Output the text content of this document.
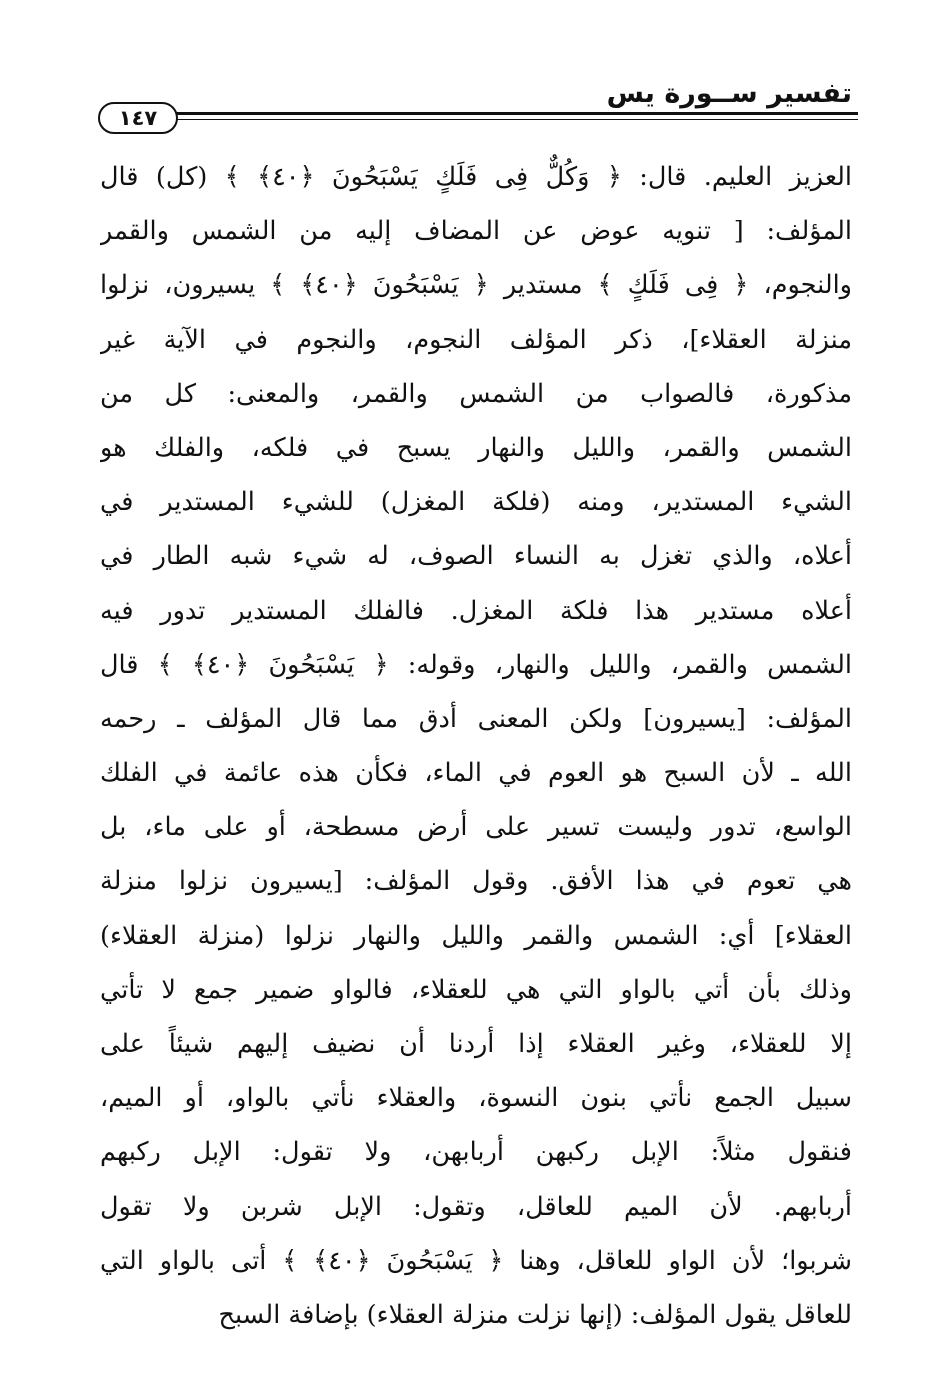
تفسير ســورة يس
١٤٧
العزيز العليم. قال: ﴿ وَكُلٌّ فِى فَلَكٍ يَسْبَحُونَ ﴿٤٠﴾ ﴾ (كل) قال
المؤلف: [ تنويه عوض عن المضاف إليه من الشمس والقمر
والنجوم، ﴿ فِى فَلَكٍ ﴾ مستدير ﴿ يَسْبَحُونَ ﴿٤٠﴾ ﴾ يسيرون، نزلوا
منزلة العقلاء]، ذكر المؤلف النجوم، والنجوم في الآية غير
مذكورة، فالصواب من الشمس والقمر، والمعنى: كل من
الشمس والقمر، والليل والنهار يسبح في فلكه، والفلك هو
الشيء المستدير، ومنه (فلكة المغزل) للشيء المستدير في
أعلاه، والذي تغزل به النساء الصوف، له شيء شبه الطار في
أعلاه مستدير هذا فلكة المغزل. فالفلك المستدير تدور فيه
الشمس والقمر، والليل والنهار، وقوله: ﴿ يَسْبَحُونَ ﴿٤٠﴾ ﴾ قال
المؤلف: [يسيرون] ولكن المعنى أدق مما قال المؤلف ـ رحمه
الله ـ لأن السبح هو العوم في الماء، فكأن هذه عائمة في الفلك
الواسع، تدور وليست تسير على أرض مسطحة، أو على ماء، بل
هي تعوم في هذا الأفق. وقول المؤلف: [يسيرون نزلوا منزلة
العقلاء] أي: الشمس والقمر والليل والنهار نزلوا (منزلة العقلاء)
وذلك بأن أتي بالواو التي هي للعقلاء، فالواو ضمير جمع لا تأتي
إلا للعقلاء، وغير العقلاء إذا أردنا أن نضيف إليهم شيئاً على
سبيل الجمع نأتي بنون النسوة، والعقلاء نأتي بالواو، أو الميم،
فنقول مثلاً: الإبل ركبهن أربابهن، ولا تقول: الإبل ركبهم
أربابهم. لأن الميم للعاقل، وتقول: الإبل شربن ولا تقول
شربوا؛ لأن الواو للعاقل، وهنا ﴿ يَسْبَحُونَ ﴿٤٠﴾ ﴾ أتى بالواو التي
للعاقل يقول المؤلف: (إنها نزلت منزلة العقلاء) بإضافة السبح
